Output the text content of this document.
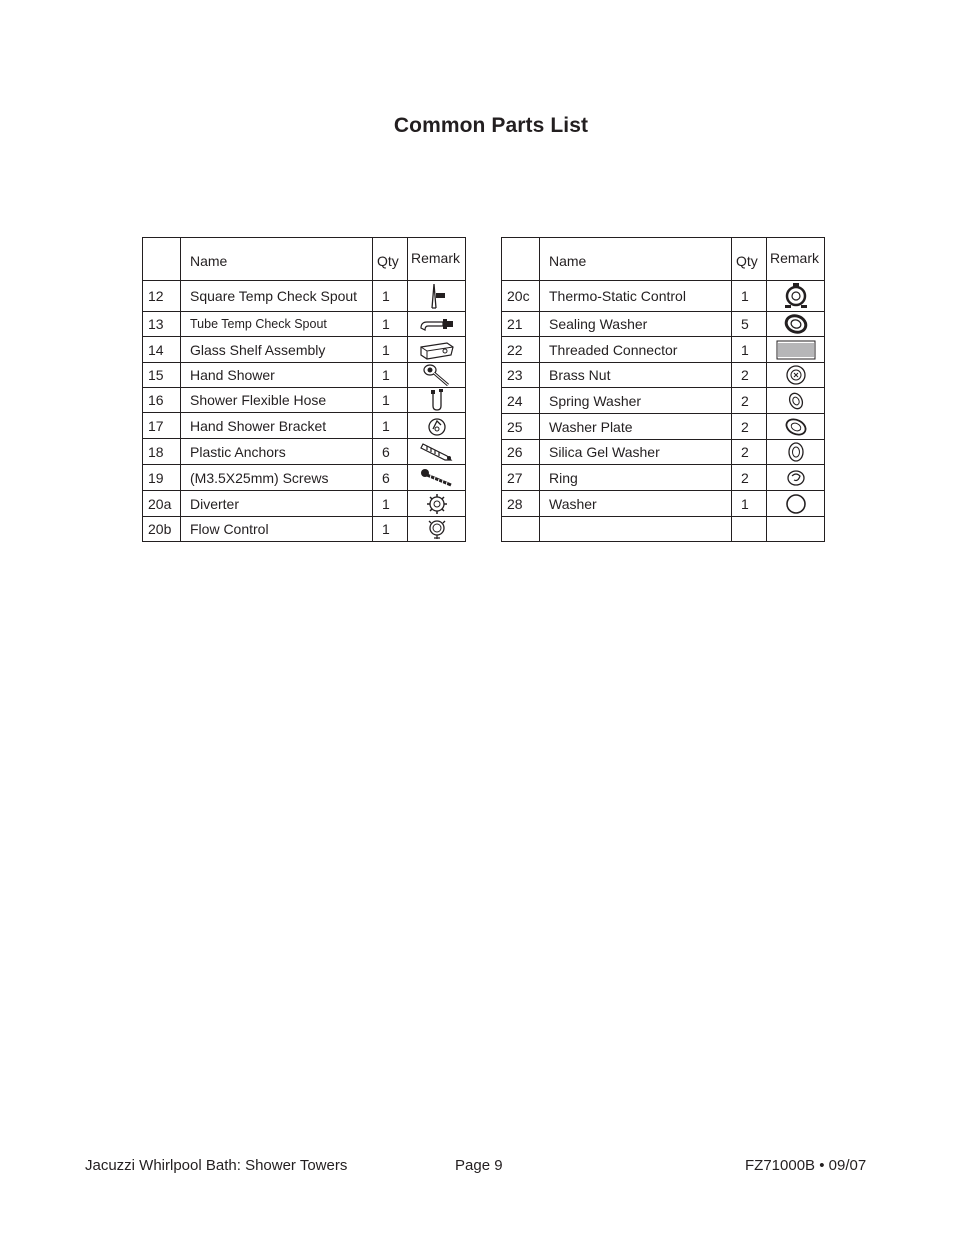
Common Parts List
	Name	Qty	Remark
12	Square Temp Check Spout	1	

13	Tube Temp Check Spout	1	

14	Glass Shelf Assembly	1	

15	Hand Shower	1	

16	Shower Flexible Hose	1	

17	Hand Shower Bracket	1	

18	Plastic Anchors	6	

19	(M3.5X25mm) Screws	6	

20a	Diverter	1	

20b	Flow Control	1	
	Name	Qty	Remark
20c	Thermo-Static Control	1	

21	Sealing Washer	5	

22	Threaded Connector	1	

23	Brass Nut	2	

24	Spring Washer	2	

25	Washer Plate	2	

26	Silica Gel Washer	2	

27	Ring	2	

28	Washer	1	

Jacuzzi Whirlpool Bath: Shower Towers	Page 9	FZ71000B • 09/07
